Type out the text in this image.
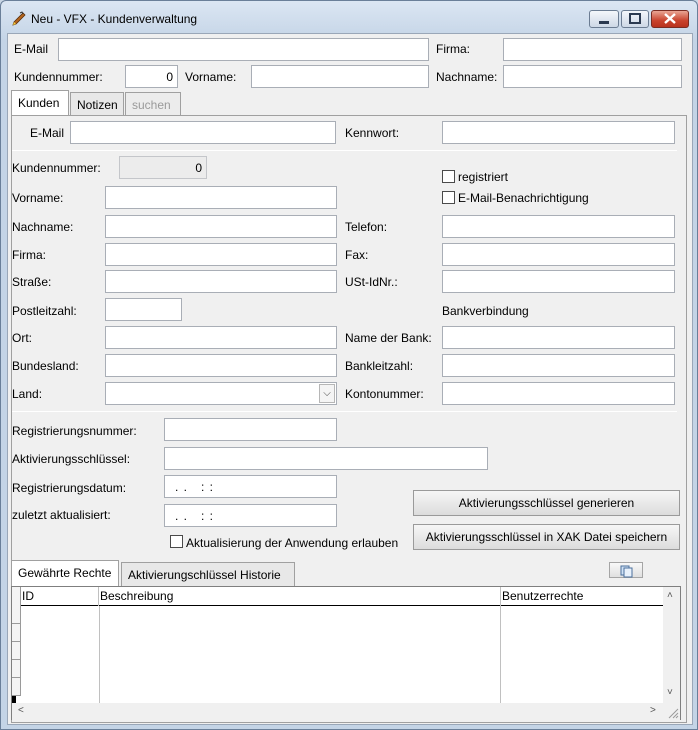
Neu - VFX - Kundenverwaltung
E-Mail	Firma:
Kundennummer:
0	Vorname:	Nachname:
Kunden	Notizen	suchen
E-Mail	Kennwort:
Kundennummer:
0
registriert
E-Mail-Benachrichtigung
Vorname:
Nachname:	Telefon:
Firma:	Fax:
Straße:	USt-IdNr.:
Postleitzahl:	Bankverbindung
Ort:	Name der Bank:
Bundesland:	Bankleitzahl:
Land:	⌵	Kontonummer:
Registrierungsnummer:
Aktivierungsschlüssel:
Registrierungsdatum:
. . : :
zuletzt aktualisiert:
. . : :
Aktivierungsschlüssel generieren
Aktivierungsschlüssel in XAK Datei speichern
Aktualisierung der Anwendung erlauben
Gewährte Rechte	Aktivierungschlüssel Historie
ID	Beschreibung	Benutzerrechte	˄
˅
<	>
